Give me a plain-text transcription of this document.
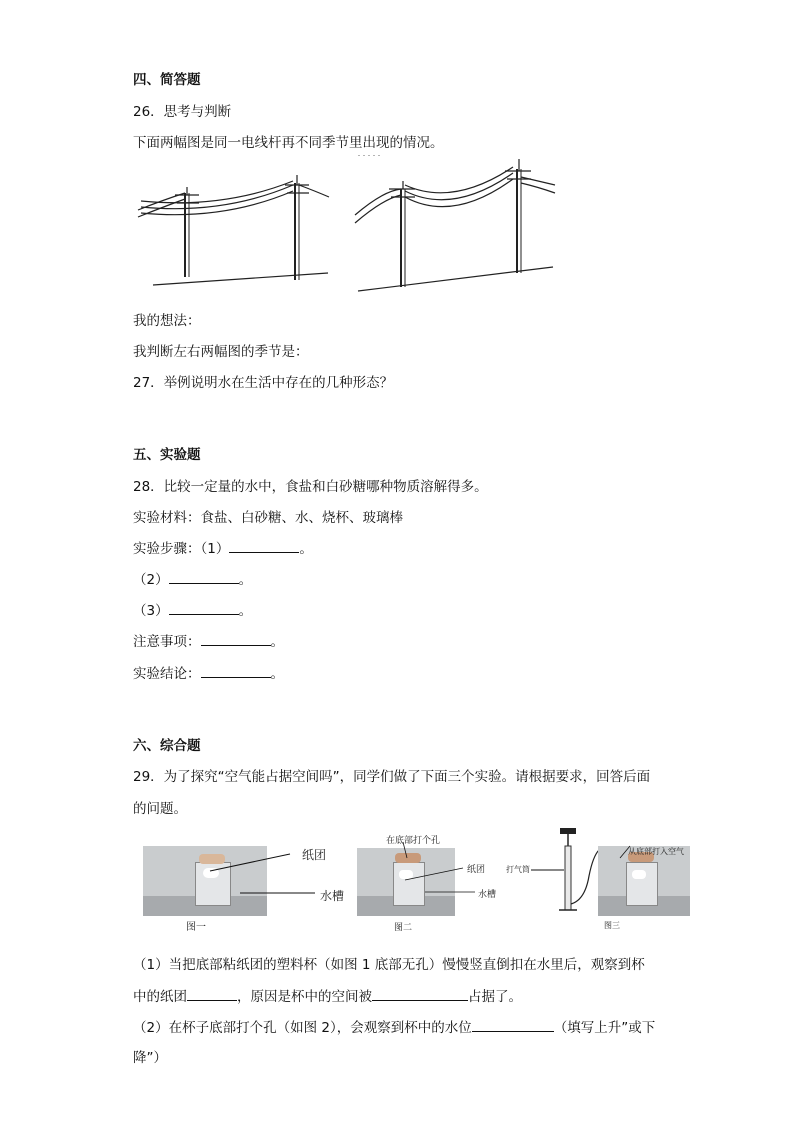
四、简答题
26．思考与判断
下面两幅图是同一电线杆再不同季节里出现的情况。
我的想法：
我判断左右两幅图的季节是：
27．举例说明水在生活中存在的几种形态？
五、实验题
28．比较一定量的水中，食盐和白砂糖哪种物质溶解得多。
实验材料：食盐、白砂糖、水、烧杯、玻璃棒
实验步骤：（1）	。
（2）	。
（3）	。
注意事项：	。
实验结论：	。
六、综合题
29．为了探究“空气能占据空间吗”，同学们做了下面三个实验。请根据要求，回答后面
的问题。
纸团
水槽
图一
在底部打个孔
纸团
水槽
图二
打气筒
从底部打入空气
图三
（1）当把底部粘纸团的塑料杯（如图 1 底部无孔）慢慢竖直倒扣在水里后，观察到杯
中的纸团	，原因是杯中的空间被	占据了。
（2）在杯子底部打个孔（如图 2），会观察到杯中的水位	（填写上升”或下
降”）
